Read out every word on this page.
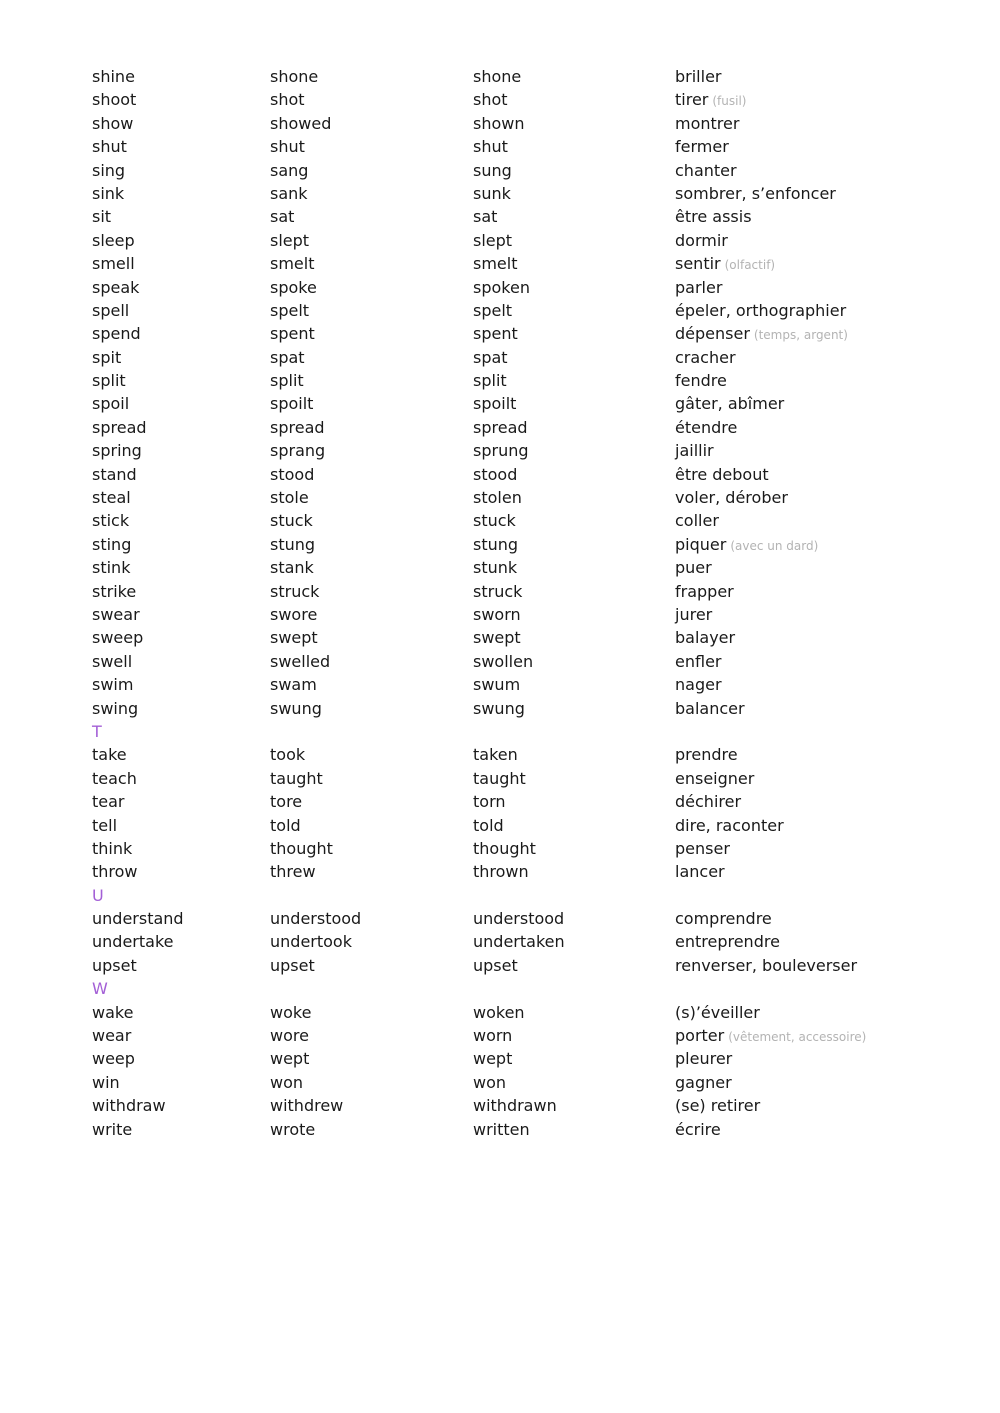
shine	shone	shone	briller
shoot	shot	shot	tirer (fusil)
show	showed	shown	montrer
shut	shut	shut	fermer
sing	sang	sung	chanter
sink	sank	sunk	sombrer, s’enfoncer
sit	sat	sat	être assis
sleep	slept	slept	dormir
smell	smelt	smelt	sentir (olfactif)
speak	spoke	spoken	parler
spell	spelt	spelt	épeler, orthographier
spend	spent	spent	dépenser (temps, argent)
spit	spat	spat	cracher
split	split	split	fendre
spoil	spoilt	spoilt	gâter, abîmer
spread	spread	spread	étendre
spring	sprang	sprung	jaillir
stand	stood	stood	être debout
steal	stole	stolen	voler, dérober
stick	stuck	stuck	coller
sting	stung	stung	piquer (avec un dard)
stink	stank	stunk	puer
strike	struck	struck	frapper
swear	swore	sworn	jurer
sweep	swept	swept	balayer
swell	swelled	swollen	enfler
swim	swam	swum	nager
swing	swung	swung	balancer
T
take	took	taken	prendre
teach	taught	taught	enseigner
tear	tore	torn	déchirer
tell	told	told	dire, raconter
think	thought	thought	penser
throw	threw	thrown	lancer
U
understand	understood	understood	comprendre
undertake	undertook	undertaken	entreprendre
upset	upset	upset	renverser, bouleverser
W
wake	woke	woken	(s)’éveiller
wear	wore	worn	porter (vêtement, accessoire)
weep	wept	wept	pleurer
win	won	won	gagner
withdraw	withdrew	withdrawn	(se) retirer
write	wrote	written	écrire
